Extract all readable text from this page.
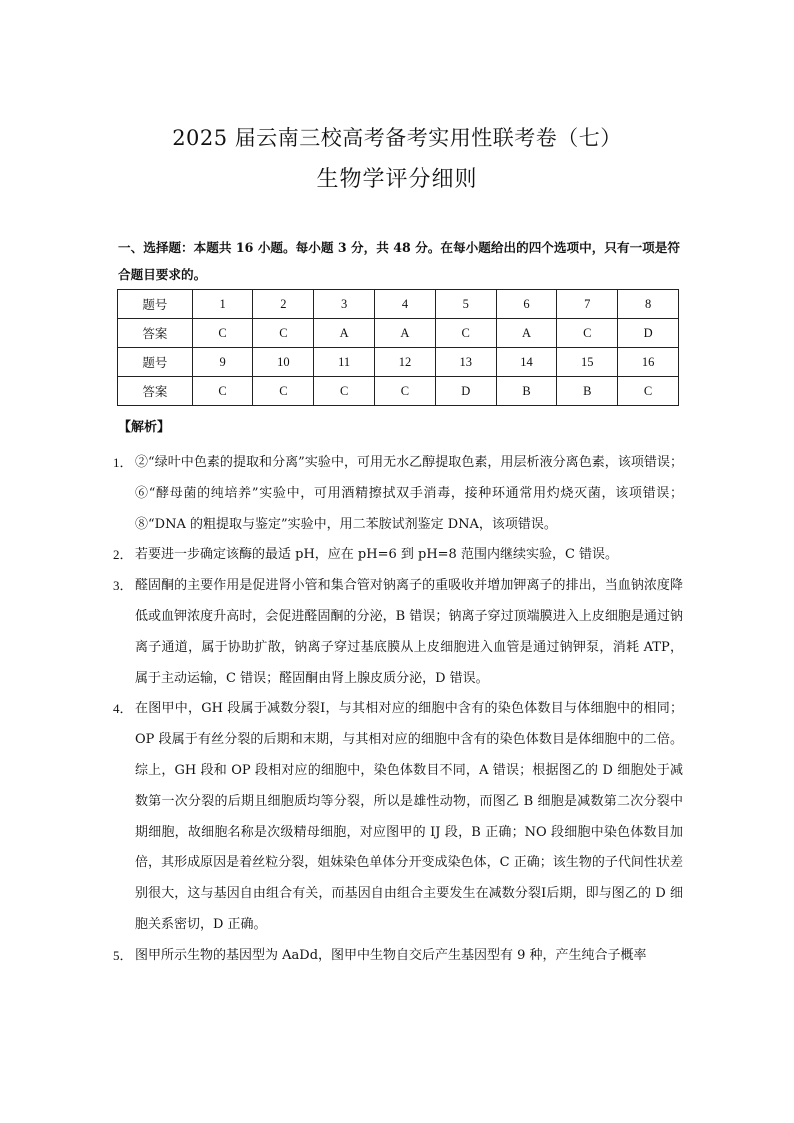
2025 届云南三校高考备考实用性联考卷（七）
生物学评分细则
一、选择题：本题共 16 小题。每小题 3 分，共 48 分。在每小题给出的四个选项中，只有一项是符合题目要求的。
题号	1	2	3	4	5	6	7	8
答案	C	C	A	A	C	A	C	D
题号	9	10	11	12	13	14	15	16
答案	C	C	C	C	D	B	B	C
【解析】
1． ②“绿叶中色素的提取和分离”实验中，可用无水乙醇提取色素，用层析液分离色素，该项错误；⑥“酵母菌的纯培养”实验中，可用酒精擦拭双手消毒，接种环通常用灼烧灭菌，该项错误；⑧“DNA 的粗提取与鉴定”实验中，用二苯胺试剂鉴定 DNA，该项错误。
2． 若要进一步确定该酶的最适 pH，应在 pH=6 到 pH=8 范围内继续实验，C 错误。
3． 醛固酮的主要作用是促进肾小管和集合管对钠离子的重吸收并增加钾离子的排出，当血钠浓度降低或血钾浓度升高时，会促进醛固酮的分泌，B 错误；钠离子穿过顶端膜进入上皮细胞是通过钠离子通道，属于协助扩散，钠离子穿过基底膜从上皮细胞进入血管是通过钠钾泵，消耗 ATP，属于主动运输，C 错误；醛固酮由肾上腺皮质分泌，D 错误。
4． 在图甲中，GH 段属于减数分裂Ⅰ，与其相对应的细胞中含有的染色体数目与体细胞中的相同；OP 段属于有丝分裂的后期和末期，与其相对应的细胞中含有的染色体数目是体细胞中的二倍。综上，GH 段和 OP 段相对应的细胞中，染色体数目不同，A 错误；根据图乙的 D 细胞处于减数第一次分裂的后期且细胞质均等分裂，所以是雄性动物，而图乙 B 细胞是减数第二次分裂中期细胞，故细胞名称是次级精母细胞，对应图甲的 IJ 段，B 正确；NO 段细胞中染色体数目加倍，其形成原因是着丝粒分裂，姐妹染色单体分开变成染色体，C 正确；该生物的子代间性状差别很大，这与基因自由组合有关，而基因自由组合主要发生在减数分裂Ⅰ后期，即与图乙的 D 细胞关系密切，D 正确。
5． 图甲所示生物的基因型为 AaDd，图甲中生物自交后产生基因型有 9 种，产生纯合子概率
